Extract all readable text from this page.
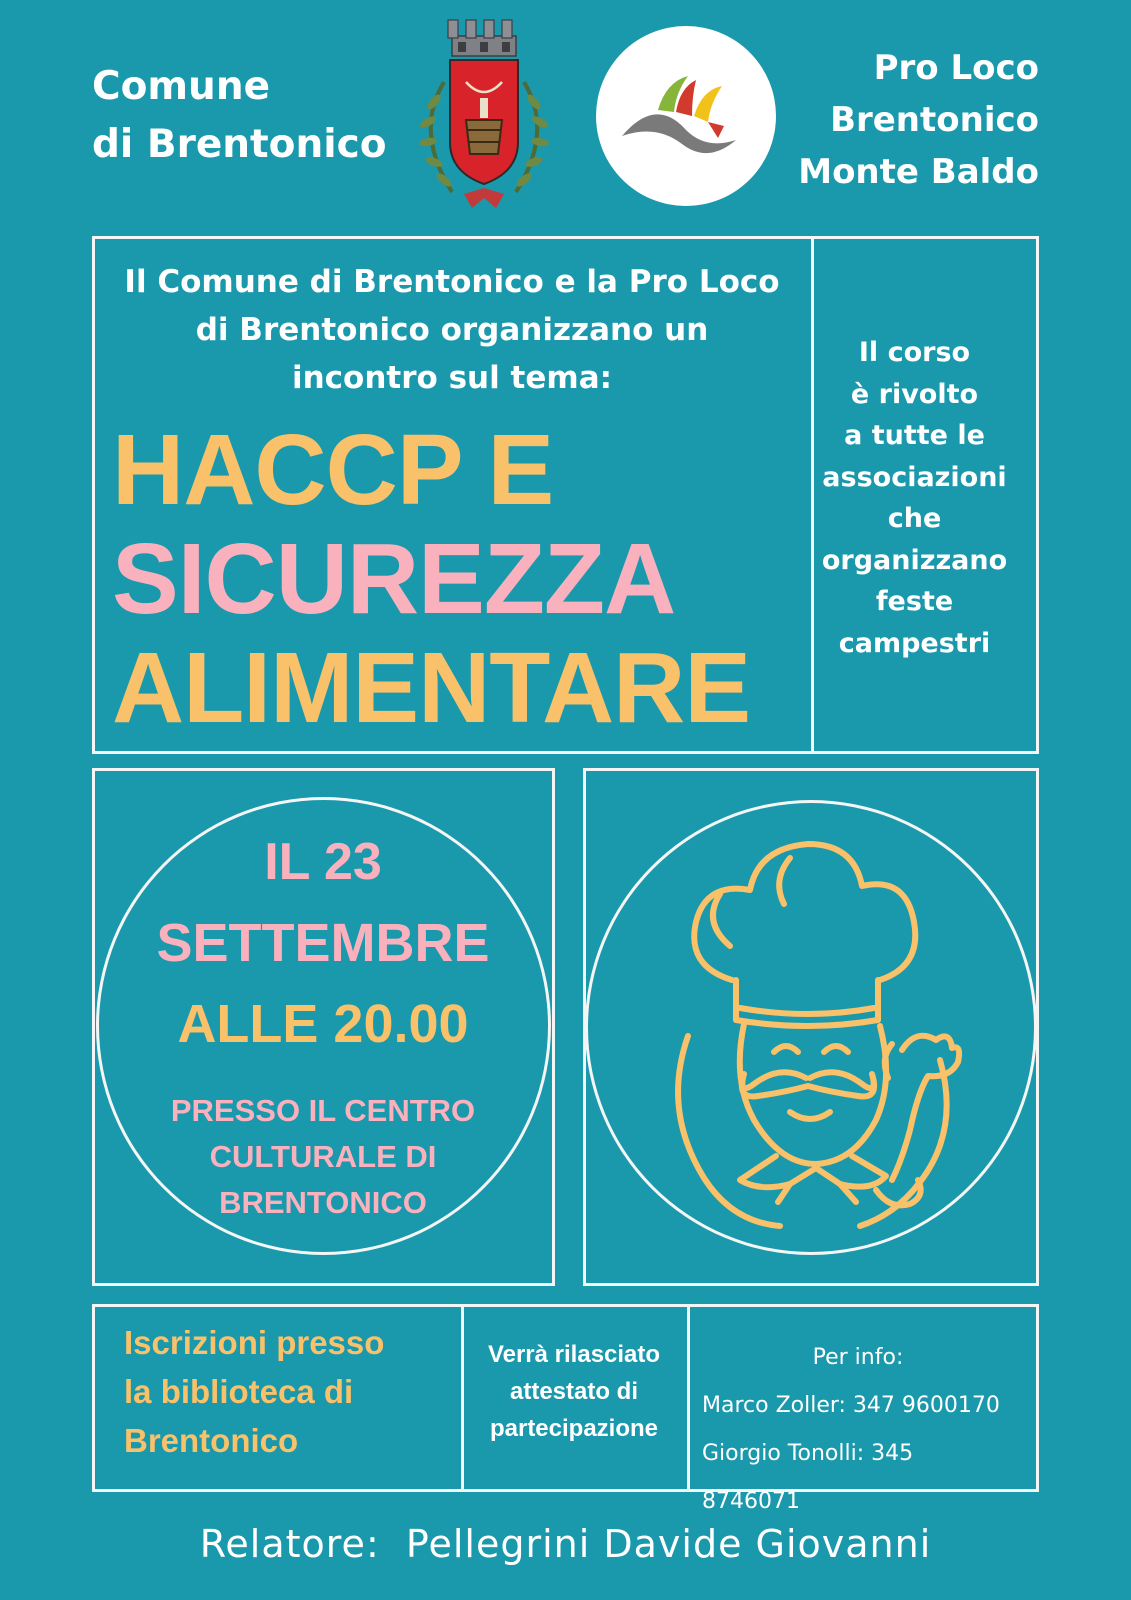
Comune
di Brentonico
Pro Loco
Brentonico
Monte Baldo
Il Comune di Brentonico e la Pro Loco
di Brentonico organizzano un
incontro sul tema:
HACCP E
SICUREZZA
ALIMENTARE
Il corso
è rivolto
a tutte le
associazioni
che
organizzano
feste
campestri
IL 23
SETTEMBRE
ALLE 20.00
PRESSO IL CENTRO
CULTURALE DI
BRENTONICO
Iscrizioni presso
la biblioteca di
Brentonico
Verrà rilasciato
attestato di
partecipazione
Per info:
Marco Zoller: 347 9600170
Giorgio Tonolli: 345 8746071
Relatore:  Pellegrini Davide Giovanni
